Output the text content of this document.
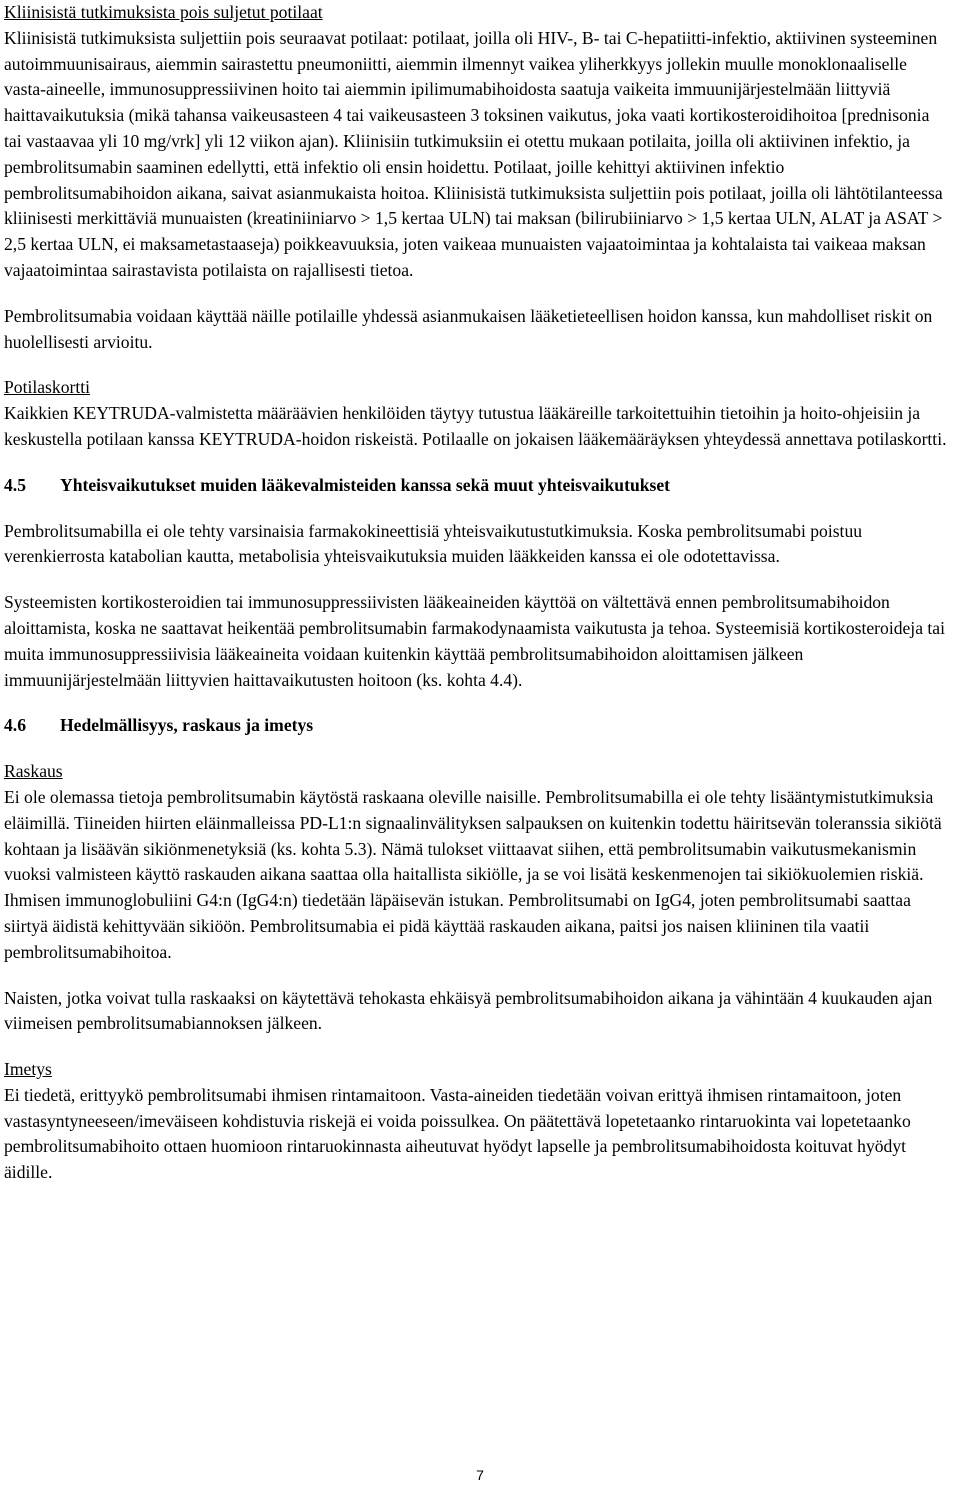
Kliinisistä tutkimuksista pois suljetut potilaat

Kliinisistä tutkimuksista suljettiin pois seuraavat potilaat: potilaat, joilla oli HIV-, B- tai C-hepatiitti-infektio, aktiivinen systeeminen autoimmuunisairaus, aiemmin sairastettu pneumoniitti, aiemmin ilmennyt vaikea yliherkkyys jollekin muulle monoklonaaliselle vasta-aineelle, immunosuppressiivinen hoito tai aiemmin ipilimumabihoidosta saatuja vaikeita immuunijärjestelmään liittyviä haittavaikutuksia (mikä tahansa vaikeusasteen 4 tai vaikeusasteen 3 toksinen vaikutus, joka vaati kortikosteroidihoitoa [prednisonia tai vastaavaa yli 10 mg/vrk] yli 12 viikon ajan). Kliinisiin tutkimuksiin ei otettu mukaan potilaita, joilla oli aktiivinen infektio, ja pembrolitsumabin saaminen edellytti, että infektio oli ensin hoidettu. Potilaat, joille kehittyi aktiivinen infektio pembrolitsumabihoidon aikana, saivat asianmukaista hoitoa. Kliinisistä tutkimuksista suljettiin pois potilaat, joilla oli lähtötilanteessa kliinisesti merkittäviä munuaisten (kreatiniiniarvo > 1,5 kertaa ULN) tai maksan (bilirubiiniarvo > 1,5 kertaa ULN, ALAT ja ASAT > 2,5 kertaa ULN, ei maksametastaaseja) poikkeavuuksia, joten vaikeaa munuaisten vajaatoimintaa ja kohtalaista tai vaikeaa maksan vajaatoimintaa sairastavista potilaista on rajallisesti tietoa.

Pembrolitsumabia voidaan käyttää näille potilaille yhdessä asianmukaisen lääketieteellisen hoidon kanssa, kun mahdolliset riskit on huolellisesti arvioitu.

Potilaskortti

Kaikkien KEYTRUDA-valmistetta määräävien henkilöiden täytyy tutustua lääkäreille tarkoitettuihin tietoihin ja hoito-ohjeisiin ja keskustella potilaan kanssa KEYTRUDA-hoidon riskeistä. Potilaalle on jokaisen lääkemääräyksen yhteydessä annettava potilaskortti.

4.5 Yhteisvaikutukset muiden lääkevalmisteiden kanssa sekä muut yhteisvaikutukset

Pembrolitsumabilla ei ole tehty varsinaisia farmakokineettisiä yhteisvaikutustutkimuksia. Koska pembrolitsumabi poistuu verenkierrosta katabolian kautta, metabolisia yhteisvaikutuksia muiden lääkkeiden kanssa ei ole odotettavissa.

Systeemisten kortikosteroidien tai immunosuppressiivisten lääkeaineiden käyttöä on vältettävä ennen pembrolitsumabihoidon aloittamista, koska ne saattavat heikentää pembrolitsumabin farmakodynaamista vaikutusta ja tehoa. Systeemisiä kortikosteroideja tai muita immunosuppressiivisia lääkeaineita voidaan kuitenkin käyttää pembrolitsumabihoidon aloittamisen jälkeen immuunijärjestelmään liittyvien haittavaikutusten hoitoon (ks. kohta 4.4).

4.6 Hedelmällisyys, raskaus ja imetys

Raskaus

Ei ole olemassa tietoja pembrolitsumabin käytöstä raskaana oleville naisille. Pembrolitsumabilla ei ole tehty lisääntymistutkimuksia eläimillä. Tiineiden hiirten eläinmalleissa PD-L1:n signaalinvälityksen salpauksen on kuitenkin todettu häiritsevän toleranssia sikiötä kohtaan ja lisäävän sikiönmenetyksiä (ks. kohta 5.3). Nämä tulokset viittaavat siihen, että pembrolitsumabin vaikutusmekanismin vuoksi valmisteen käyttö raskauden aikana saattaa olla haitallista sikiölle, ja se voi lisätä keskenmenojen tai sikiökuolemien riskiä. Ihmisen immunoglobuliini G4:n (IgG4:n) tiedetään läpäisevän istukan. Pembrolitsumabi on IgG4, joten pembrolitsumabi saattaa siirtyä äidistä kehittyvään sikiöön. Pembrolitsumabia ei pidä käyttää raskauden aikana, paitsi jos naisen kliininen tila vaatii pembrolitsumabihoitoa.

Naisten, jotka voivat tulla raskaaksi on käytettävä tehokasta ehkäisyä pembrolitsumabihoidon aikana ja vähintään 4 kuukauden ajan viimeisen pembrolitsumabiannoksen jälkeen.

Imetys

Ei tiedetä, erittyykö pembrolitsumabi ihmisen rintamaitoon. Vasta-aineiden tiedetään voivan erittyä ihmisen rintamaitoon, joten vastasyntyneeseen/imeväiseen kohdistuvia riskejä ei voida poissulkea. On päätettävä lopetetaanko rintaruokinta vai lopetetaanko pembrolitsumabihoito ottaen huomioon rintaruokinnasta aiheutuvat hyödyt lapselle ja pembrolitsumabihoidosta koituvat hyödyt äidille.

7
